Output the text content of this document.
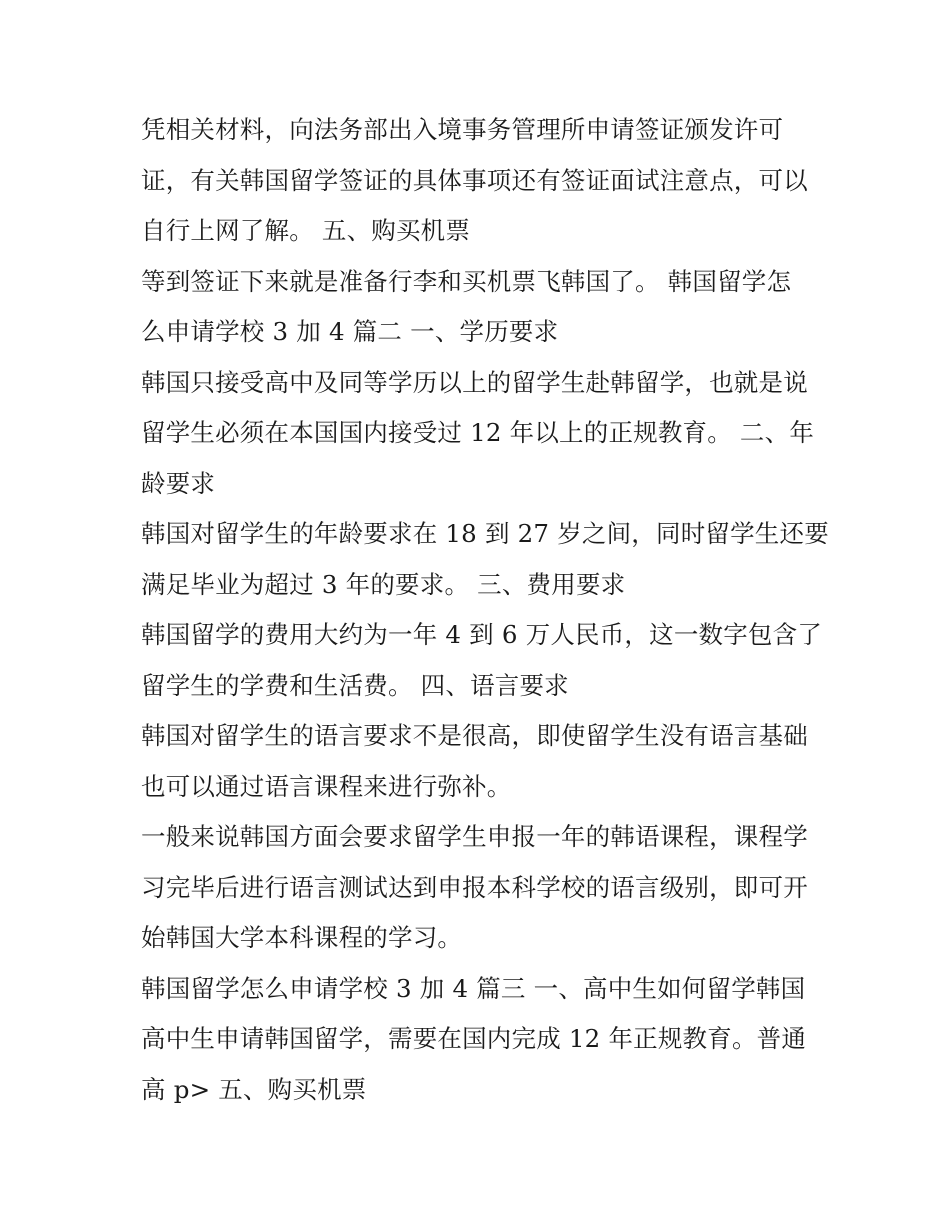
凭相关材料，向法务部出入境事务管理所申请签证颁发许可
证，有关韩国留学签证的具体事项还有签证面试注意点，可以
自行上网了解。 五、购买机票
等到签证下来就是准备行李和买机票飞韩国了。 韩国留学怎
么申请学校 3 加 4 篇二 一、学历要求
韩国只接受高中及同等学历以上的留学生赴韩留学，也就是说
留学生必须在本国国内接受过 12 年以上的正规教育。 二、年
龄要求
韩国对留学生的年龄要求在 18 到 27 岁之间，同时留学生还要
满足毕业为超过 3 年的要求。 三、费用要求
韩国留学的费用大约为一年 4 到 6 万人民币，这一数字包含了
留学生的学费和生活费。 四、语言要求
韩国对留学生的语言要求不是很高，即使留学生没有语言基础
也可以通过语言课程来进行弥补。
一般来说韩国方面会要求留学生申报一年的韩语课程，课程学
习完毕后进行语言测试达到申报本科学校的语言级别，即可开
始韩国大学本科课程的学习。
韩国留学怎么申请学校 3 加 4 篇三 一、高中生如何留学韩国
高中生申请韩国留学，需要在国内完成 12 年正规教育。普通
高 p> 五、购买机票
